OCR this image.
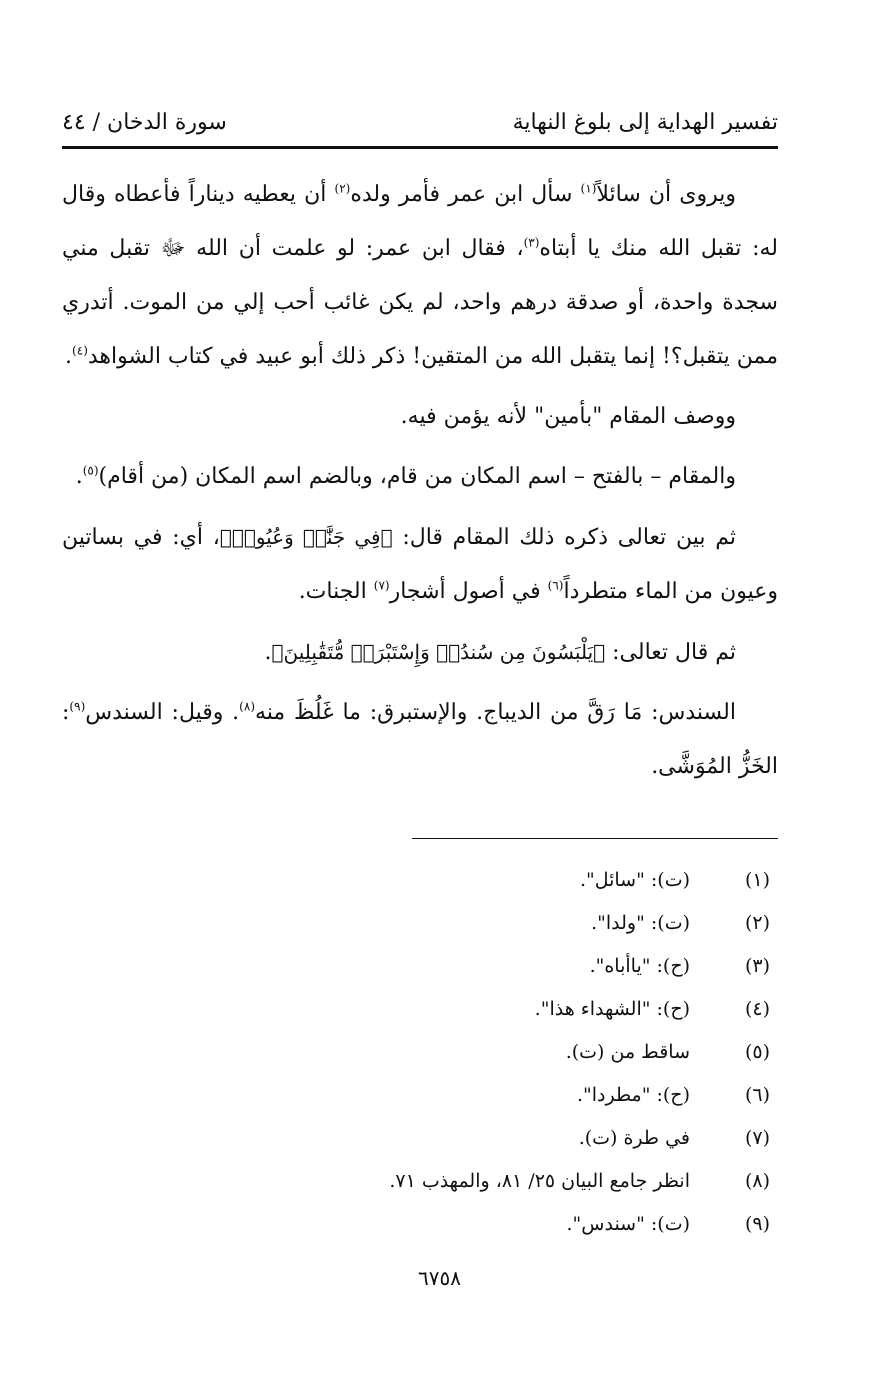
تفسير الهداية إلى بلوغ النهاية
سورة الدخان / ٤٤

ويروى أن سائلاً$^{(١)}$ سأل ابن عمر فأمر ولده$^{(٢)}$ أن يعطيه ديناراً فأعطاه وقال له: تقبل الله منك يا أبتاه$^{(٣)}$، فقال ابن عمر: لو علمت أن الله ﷻ تقبل مني سجدة واحدة، أو صدقة درهم واحد، لم يكن غائب أحب إلي من الموت. أتدري ممن يتقبل؟! إنما يتقبل الله من المتقين! ذكر ذلك أبو عبيد في كتاب الشواهد$^{(٤)}$.

ووصف المقام "بأمين" لأنه يؤمن فيه.

والمقام – بالفتح – اسم المكان من قام، وبالضم اسم المكان (من أقام)$^{(٥)}$.

ثم بين تعالى ذكره ذلك المقام قال: ﴿فِي جَنَّٰتٖ وَعُيُونٖ﴾، أي: في بساتين وعيون من الماء متطرداً$^{(٦)}$ في أصول أشجار$^{(٧)}$ الجنات.

ثم قال تعالى: ﴿يَلْبَسُونَ مِن سُندُسٖ وَإِسْتَبْرَقٖ مُّتَقَٰبِلِينَ﴾.

السندس: مَا رَقَّ من الديباج. والإستبرق: ما غَلُظَ منه$^{(٨)}$. وقيل: السندس$^{(٩)}$: الخَزُّ المُوَشَّى.

(١)
(ت): "سائل".
(٢)
(ت): "ولدا".
(٣)
(ح): "ياأباه".
(٤)
(ح): "الشهداء هذا".
(٥)
ساقط من (ت).
(٦)
(ح): "مطردا".
(٧)
في طرة (ت).
(٨)
انظر جامع البيان ٢٥/ ٨١، والمهذب ٧١.
(٩)
(ت): "سندس".
٦٧٥٨
